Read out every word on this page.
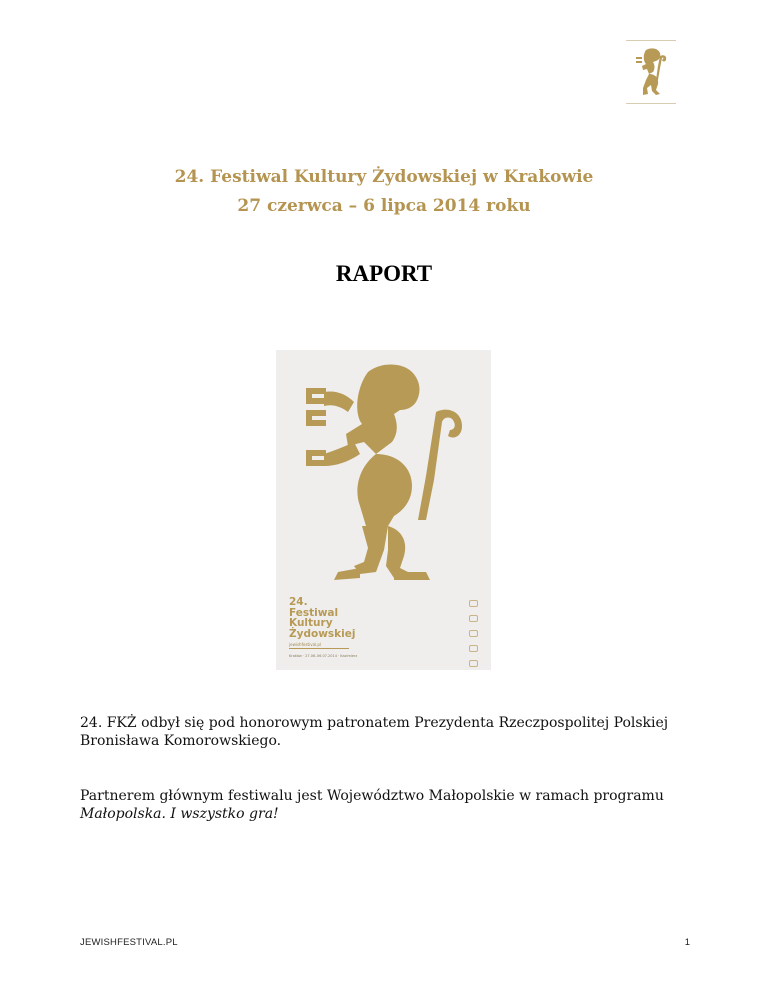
24. Festiwal Kultury Żydowskiej w Krakowie
27 czerwca – 6 lipca 2014 roku
RAPORT
24.
Festiwal
Kultury
Żydowskiej
jewishfestival.pl
Kraków · 27.06–06.07.2014 · Kazimierz
24. FKŻ odbył się pod honorowym patronatem Prezydenta Rzeczpospolitej Polskiej Bronisława Komorowskiego.
Partnerem głównym festiwalu jest Województwo Małopolskie w ramach programu Małopolska. I wszystko gra!
JEWISHFESTIVAL.PL	1
